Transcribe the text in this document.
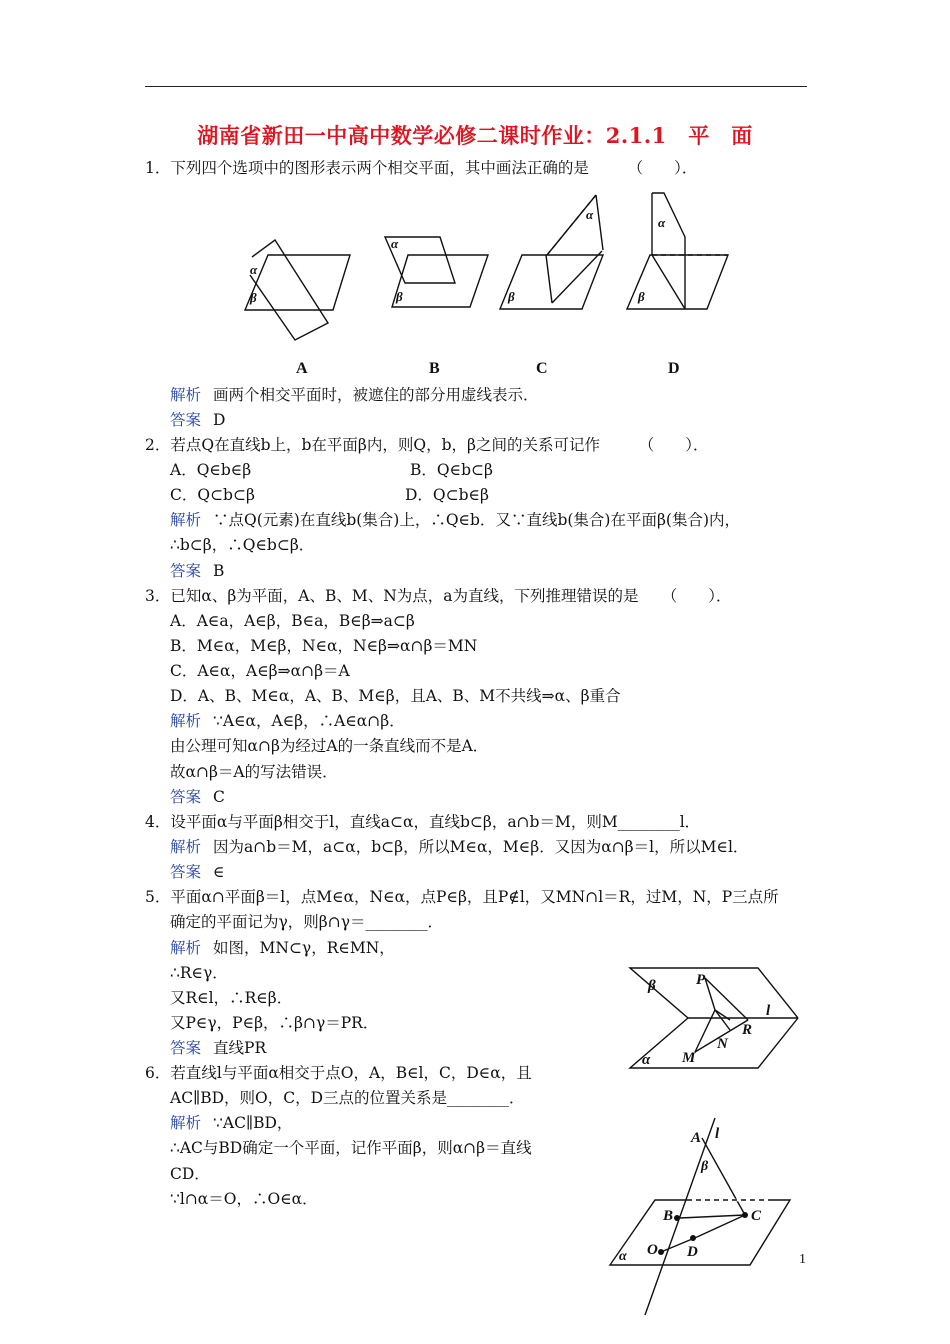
湖南省新田一中高中数学必修二课时作业：2.1.1　平　面
1．下列四个选项中的图形表示两个相交平面，其中画法正确的是　　　（　　）．
α
β
α
β
α
β
α
β
A	B	C	D
解析 画两个相交平面时，被遮住的部分用虚线表示．
答案 D
2．若点Q在直线b上，b在平面β内，则Q，b，β之间的关系可记作　　　（　　）．
A．Q∈b∈β	B．Q∈b⊂β
C．Q⊂b⊂β	D．Q⊂b∈β
解析 ∵点Q(元素)在直线b(集合)上，∴Q∈b．又∵直线b(集合)在平面β(集合)内，
∴b⊂β，∴Q∈b⊂β．
答案 B
3．已知α、β为平面，A、B、M、N为点，a为直线，下列推理错误的是　　（　　）．
A．A∈a，A∈β，B∈a，B∈β⇒a⊂β
B．M∈α，M∈β，N∈α，N∈β⇒α∩β＝MN
C．A∈α，A∈β⇒α∩β＝A
D．A、B、M∈α，A、B、M∈β，且A、B、M不共线⇒α、β重合
解析 ∵A∈α，A∈β，∴A∈α∩β．
由公理可知α∩β为经过A的一条直线而不是A．
故α∩β＝A的写法错误．
答案 C
4．设平面α与平面β相交于l，直线a⊂α，直线b⊂β，a∩b＝M，则M________l．
解析 因为a∩b＝M，a⊂α，b⊂β，所以M∈α，M∈β．又因为α∩β＝l，所以M∈l．
答案 ∈
5．平面α∩平面β＝l，点M∈α，N∈α，点P∈β，且P∉l，又MN∩l＝R，过M，N，P三点所
确定的平面记为γ，则β∩γ＝________．
解析 如图，MN⊂γ，R∈MN，
∴R∈γ．
又R∈l，∴R∈β．
又P∈γ，P∈β，∴β∩γ＝PR．
答案 直线PR
β	P
l
R
N
M
α
6．若直线l与平面α相交于点O，A，B∈l，C，D∈α，且
AC∥BD，则O，C，D三点的位置关系是________．
解析 ∵AC∥BD，
∴AC与BD确定一个平面，记作平面β，则α∩β＝直线
CD．
∵l∩α＝O，∴O∈α．
A l
β
B	C
O D
α	1
